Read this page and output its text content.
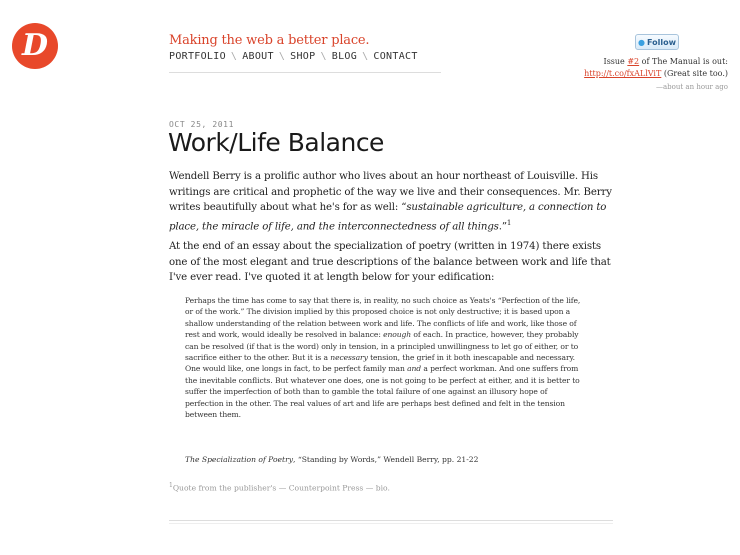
D	Making the web a better place.
PORTFOLIO \ ABOUT \ SHOP \ BLOG \ CONTACT
● Follow
Issue #2 of The Manual is out:
http://t.co/fxALlViT (Great site too.)
—about an hour ago
OCT 25, 2011
Work/Life Balance

Wendell Berry is a prolific author who lives about an hour northeast of Louisville. His writings are critical and prophetic of the way we live and their consequences. Mr. Berry writes beautifully about what he's for as well: “sustainable agriculture, a connection to place, the miracle of life, and the interconnectedness of all things.”$^1$

At the end of an essay about the specialization of poetry (written in 1974) there exists one of the most elegant and true descriptions of the balance between work and life that I've ever read. I've quoted it at length below for your edification:

Perhaps the time has come to say that there is, in reality, no such choice as Yeats's “Perfection of the life, or of the work.” The division implied by this proposed choice is not only destructive; it is based upon a shallow understanding of the relation between work and life. The conflicts of life and work, like those of rest and work, would ideally be resolved in balance: enough of each. In practice, however, they probably can be resolved (if that is the word) only in tension, in a principled unwillingness to let go of either, or to sacrifice either to the other. But it is a necessary tension, the grief in it both inescapable and necessary. One would like, one longs in fact, to be perfect family man and a perfect workman. And one suffers from the inevitable conflicts. But whatever one does, one is not going to be perfect at either, and it is better to suffer the imperfection of both than to gamble the total failure of one against an illusory hope of perfection in the other. The real values of art and life are perhaps best defined and felt in the tension between them.

The Specialization of Poetry, “Standing by Words,” Wendell Berry, pp. 21-22
$^1$Quote from the publisher's — Counterpoint Press — bio.
